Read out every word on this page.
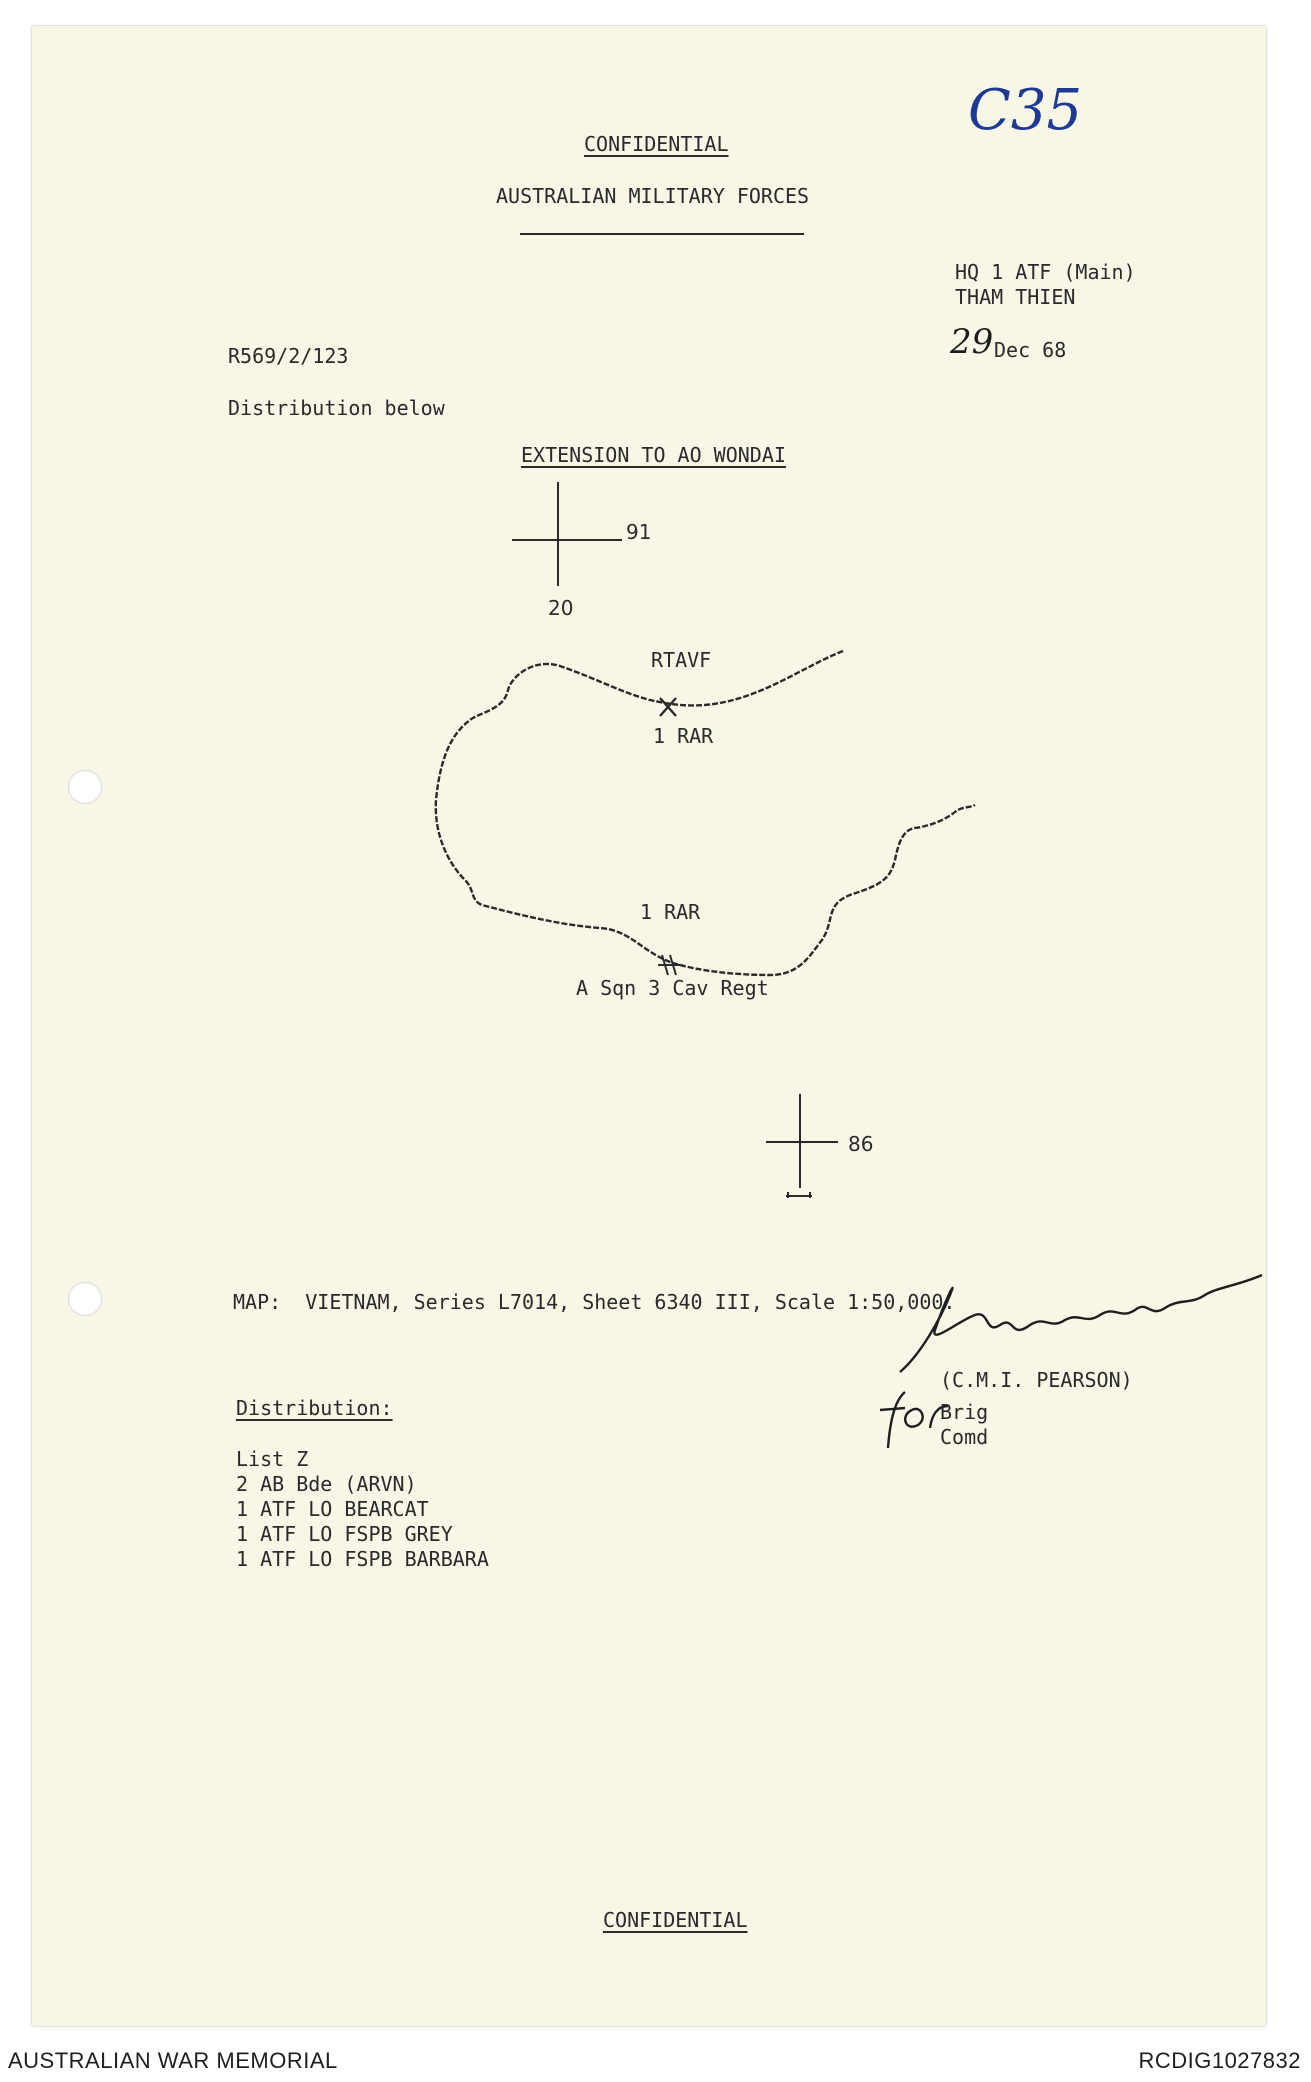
C35
CONFIDENTIAL
AUSTRALIAN MILITARY FORCES
HQ 1 ATF (Main)
THAM THIEN
29 Dec 68
R569/2/123
Distribution below
EXTENSION TO AO WONDAI
91
20
86
RTAVF
1 RAR
1 RAR
A Sqn 3 Cav Regt
MAP:  VIETNAM, Series L7014, Sheet 6340 III, Scale 1:50,000.
(C.M.I. PEARSON)
Brig
Comd
Distribution:
List Z
2 AB Bde (ARVN)
1 ATF LO BEARCAT
1 ATF LO FSPB GREY
1 ATF LO FSPB BARBARA
CONFIDENTIAL
AUSTRALIAN WAR MEMORIAL	RCDIG1027832
